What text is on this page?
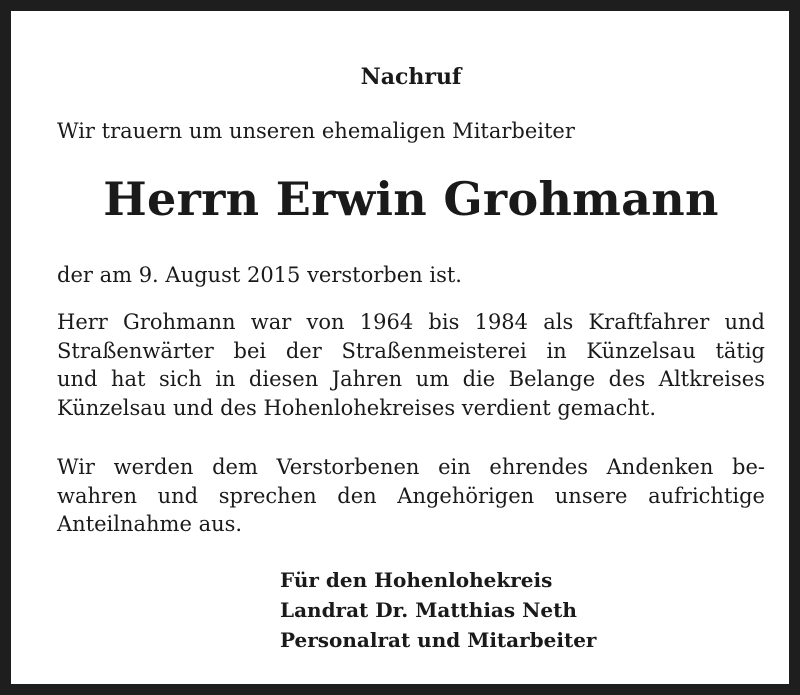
Nachruf
Wir trauern um unseren ehemaligen Mitarbeiter
Herrn Erwin Grohmann
der am 9. August 2015 verstorben ist.
Herr Grohmann war von 1964 bis 1984 als Kraftfahrer und
Straßenwärter bei der Straßenmeisterei in Künzelsau tätig
und hat sich in diesen Jahren um die Belange des Altkreises
Künzelsau und des Hohenlohekreises verdient gemacht.
Wir werden dem Verstorbenen ein ehrendes Andenken be-
wahren und sprechen den Angehörigen unsere aufrichtige
Anteilnahme aus.
Für den Hohenlohekreis
Landrat Dr. Matthias Neth
Personalrat und Mitarbeiter
